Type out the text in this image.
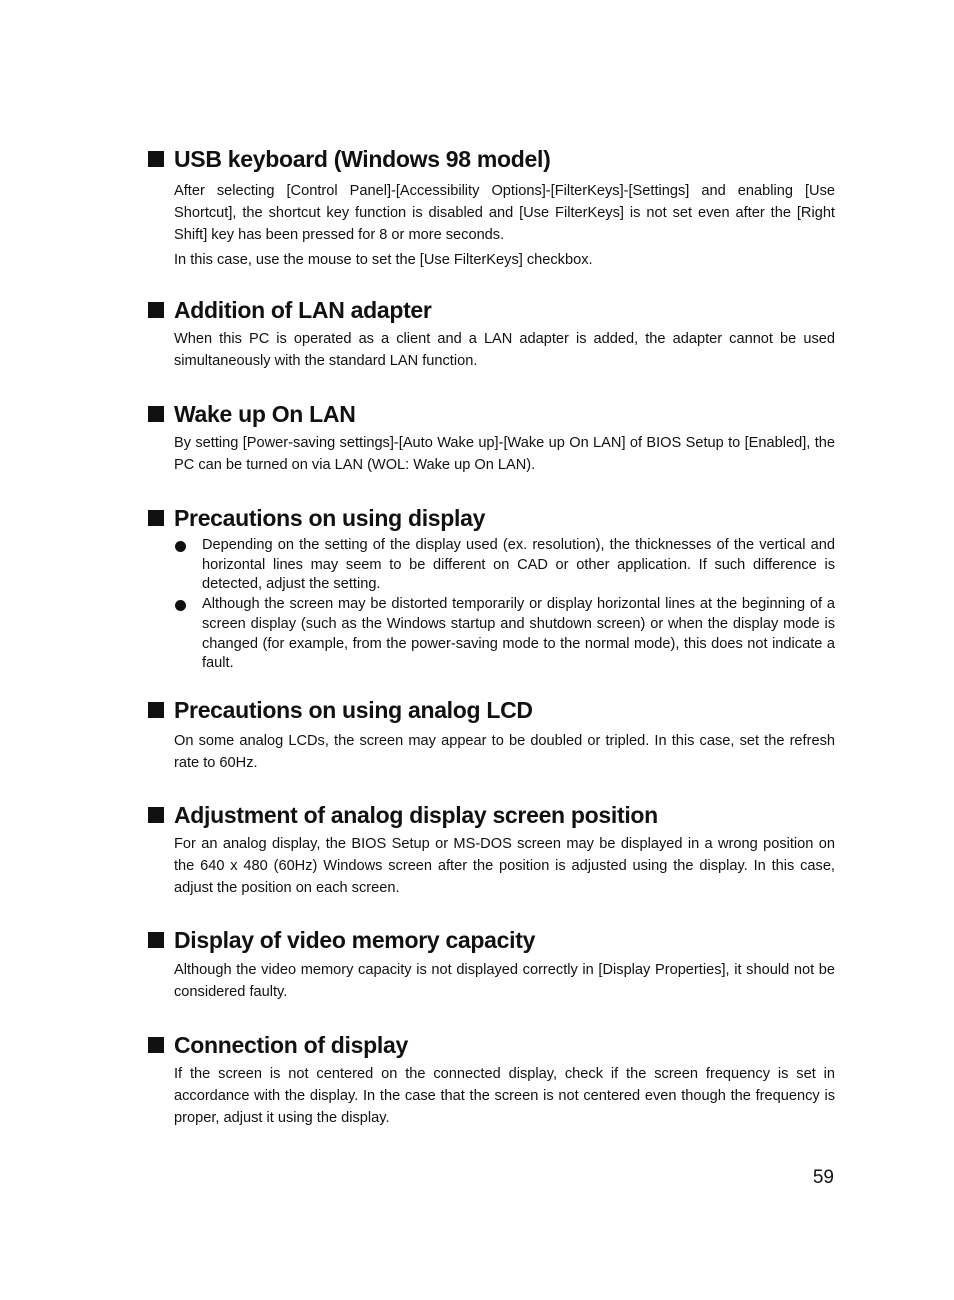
USB keyboard (Windows 98 model)

After selecting [Control Panel]-[Accessibility Options]-[FilterKeys]-[Settings] and enabling [Use Shortcut], the shortcut key function is disabled and [Use FilterKeys] is not set even after the [Right Shift] key has been pressed for 8 or more seconds.

In this case, use the mouse to set the [Use FilterKeys] checkbox.

Addition of LAN adapter

When this PC is operated as a client and a LAN adapter is added, the adapter cannot be used simultaneously with the standard LAN function.

Wake up On LAN

By setting [Power-saving settings]-[Auto Wake up]-[Wake up On LAN] of BIOS Setup to [Enabled], the PC can be turned on via LAN (WOL: Wake up On LAN).

Precautions on using display
Depending on the setting of the display used (ex. resolution), the thicknesses of the vertical and horizontal lines may seem to be different on CAD or other application. If such difference is detected, adjust the setting.
Although the screen may be distorted temporarily or display horizontal lines at the beginning of a screen display (such as the Windows startup and shutdown screen) or when the display mode is changed (for example, from the power-saving mode to the normal mode), this does not indicate a fault.
Precautions on using analog LCD

On some analog LCDs, the screen may appear to be doubled or tripled. In this case, set the refresh rate to 60Hz.

Adjustment of analog display screen position

For an analog display, the BIOS Setup or MS-DOS screen may be displayed in a wrong position on the 640 x 480 (60Hz) Windows screen after the position is adjusted using the display. In this case, adjust the position on each screen.

Display of video memory capacity

Although the video memory capacity is not displayed correctly in [Display Properties], it should not be considered faulty.

Connection of display

If the screen is not centered on the connected display, check if the screen frequency is set in accordance with the display. In the case that the screen is not centered even though the frequency is proper, adjust it using the display.

59
